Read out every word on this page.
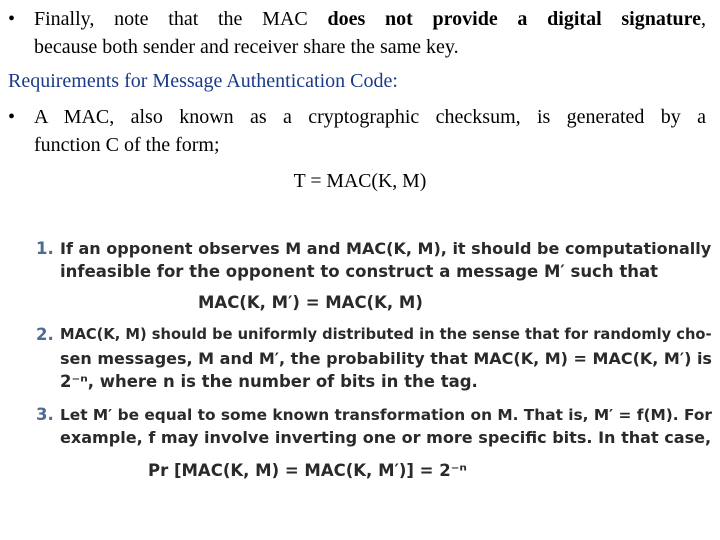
• Finally, note that the MAC does not provide a digital signature,
because both sender and receiver share the same key.
Requirements for Message Authentication Code:
• A MAC, also known as a cryptographic checksum, is generated by a
function C of the form;
T = MAC(K, M)
1. If an opponent observes M and MAC(K, M), it should be computationally
infeasible for the opponent to construct a message M′ such that
MAC(K, M′) = MAC(K, M)
2. MAC(K, M) should be uniformly distributed in the sense that for randomly cho-
sen messages, M and M′, the probability that MAC(K, M) = MAC(K, M′) is
2⁻ⁿ, where n is the number of bits in the tag.
3. Let M′ be equal to some known transformation on M. That is, M′ = f(M). For
example, f may involve inverting one or more specific bits. In that case,
Pr [MAC(K, M) = MAC(K, M′)] = 2⁻ⁿ
